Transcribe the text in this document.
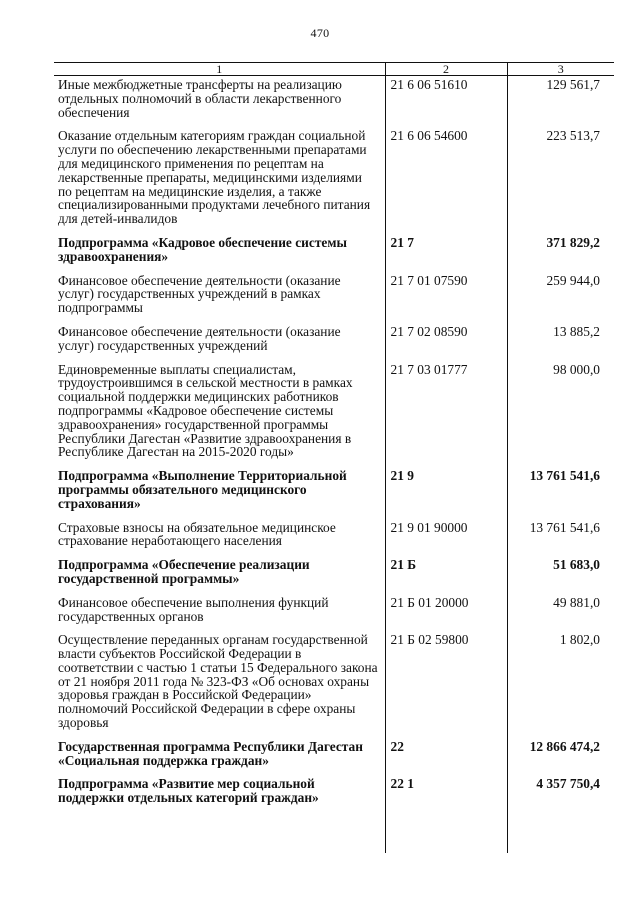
470
1	2	3
Иные межбюджетные трансферты на реализацию отдельных полномочий в области лекарственного обеспечения	21 6 06 51610	129 561,7
Оказание отдельным категориям граждан социальной услуги по обеспечению лекарственными препаратами для медицинского применения по рецептам на лекарственные препараты, медицинскими изделиями по рецептам на медицинские изделия, а также специализированными продуктами лечебного питания для детей-инвалидов	21 6 06 54600	223 513,7
Подпрограмма «Кадровое обеспечение системы здравоохранения»	21 7	371 829,2
Финансовое обеспечение деятельности (оказание услуг) государственных учреждений в рамках подпрограммы	21 7 01 07590	259 944,0
Финансовое обеспечение деятельности (оказание услуг) государственных учреждений	21 7 02 08590	13 885,2
Единовременные выплаты специалистам, трудоустроившимся в сельской местности в рамках социальной поддержки медицинских работников подпрограммы «Кадровое обеспечение системы здравоохранения» государственной программы Республики Дагестан «Развитие здравоохранения в Республике Дагестан на 2015-2020 годы»	21 7 03 01777	98 000,0
Подпрограмма «Выполнение Территориальной программы обязательного медицинского страхования»	21 9	13 761 541,6
Страховые взносы на обязательное медицинское страхование неработающего населения	21 9 01 90000	13 761 541,6
Подпрограмма «Обеспечение реализации государственной программы»	21 Б	51 683,0
Финансовое обеспечение выполнения функций государственных органов	21 Б 01 20000	49 881,0
Осуществление переданных органам государственной власти субъектов Российской Федерации в соответствии с частью 1 статьи 15 Федерального закона от 21 ноября 2011 года № 323-ФЗ «Об основах охраны здоровья граждан в Российской Федерации» полномочий Российской Федерации в сфере охраны здоровья	21 Б 02 59800	1 802,0
Государственная программа Республики Дагестан «Социальная поддержка граждан»	22	12 866 474,2
Подпрограмма «Развитие мер социальной поддержки отдельных категорий граждан»	22 1	4 357 750,4
